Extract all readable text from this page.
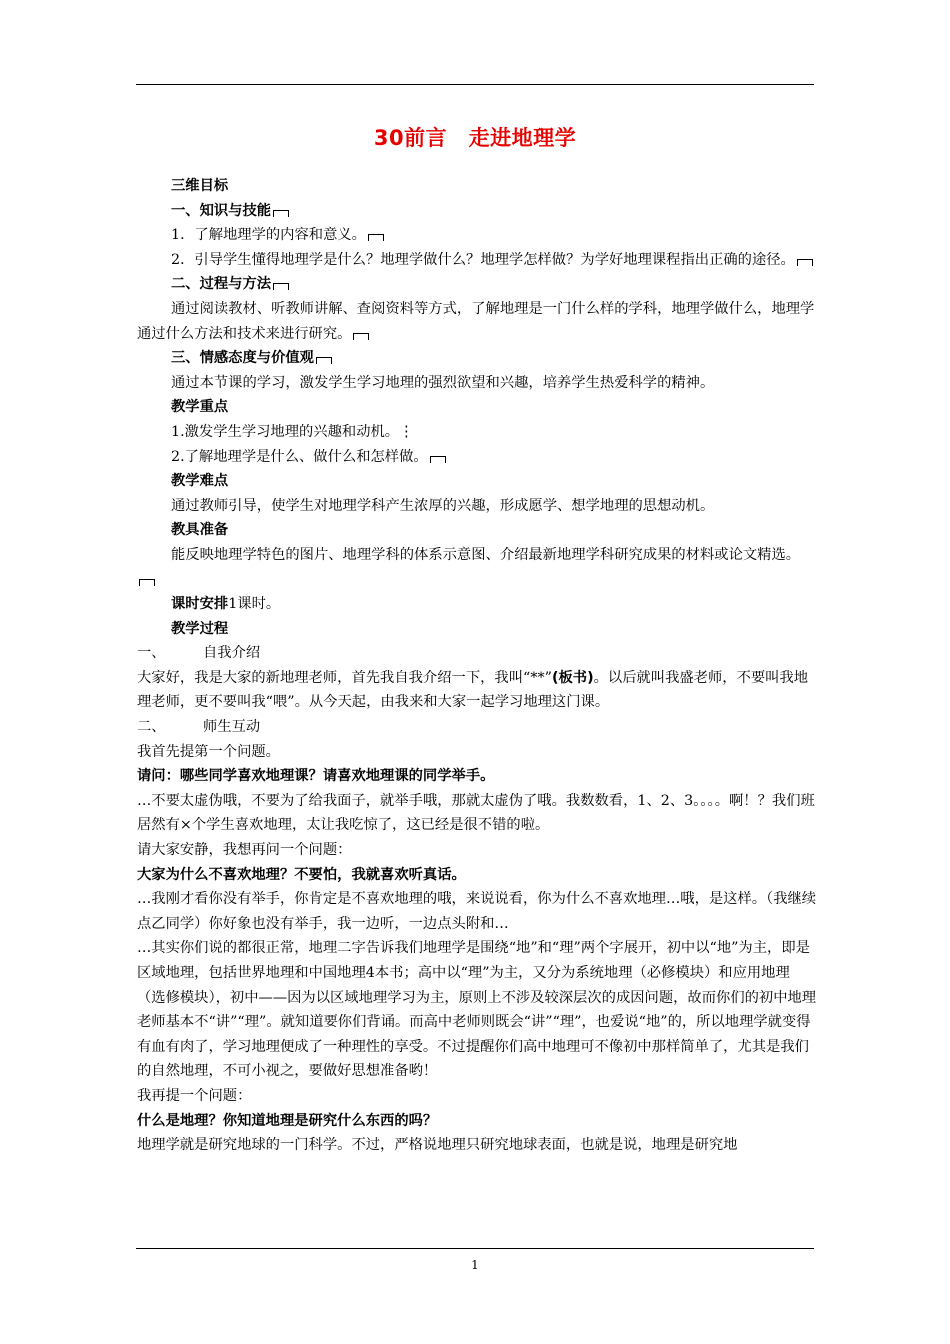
30前言　走进地理学

三维目标

一、知识与技能

1．了解地理学的内容和意义。

2．引导学生懂得地理学是什么？地理学做什么？地理学怎样做？为学好地理课程指出正确的途径。

二、过程与方法

通过阅读教材、听教师讲解、查阅资料等方式，了解地理是一门什么样的学科，地理学做什么，地理学通过什么方法和技术来进行研究。

三、情感态度与价值观

通过本节课的学习，激发学生学习地理的强烈欲望和兴趣，培养学生热爱科学的精神。

教学重点

1.激发学生学习地理的兴趣和动机。⋮

2.了解地理学是什么、做什么和怎样做。

教学难点

通过教师引导，使学生对地理学科产生浓厚的兴趣，形成愿学、想学地理的思想动机。

教具准备

能反映地理学特色的图片、地理学科的体系示意图、介绍最新地理学科研究成果的材料或论文精选。

课时安排1课时。

教学过程

一、	自我介绍

大家好，我是大家的新地理老师，首先我自我介绍一下，我叫“**”(板书)。以后就叫我盛老师，不要叫我地理老师，更不要叫我“喂”。从今天起，由我来和大家一起学习地理这门课。

二、	师生互动

我首先提第一个问题。

请问：哪些同学喜欢地理课？请喜欢地理课的同学举手。

…不要太虚伪哦，不要为了给我面子，就举手哦，那就太虚伪了哦。我数数看，1、2、3。。。。啊！？我们班居然有×个学生喜欢地理，太让我吃惊了，这已经是很不错的啦。

请大家安静，我想再问一个问题：

大家为什么不喜欢地理？不要怕，我就喜欢听真话。

…我刚才看你没有举手，你肯定是不喜欢地理的哦，来说说看，你为什么不喜欢地理…哦，是这样。（我继续点乙同学）你好象也没有举手，我一边听，一边点头附和…

…其实你们说的都很正常，地理二字告诉我们地理学是围绕“地”和“理”两个字展开，初中以“地”为主，即是区域地理，包括世界地理和中国地理4本书；高中以“理”为主，又分为系统地理（必修模块）和应用地理（选修模块），初中——因为以区域地理学习为主，原则上不涉及较深层次的成因问题，故而你们的初中地理老师基本不“讲”“理”。就知道要你们背诵。而高中老师则既会“讲”“理”，也爱说“地”的，所以地理学就变得有血有肉了，学习地理便成了一种理性的享受。不过提醒你们高中地理可不像初中那样简单了，尤其是我们的自然地理，不可小视之，要做好思想准备哟！

我再提一个问题：

什么是地理？你知道地理是研究什么东西的吗？

地理学就是研究地球的一门科学。不过，严格说地理只研究地球表面，也就是说，地理是研究地

1
